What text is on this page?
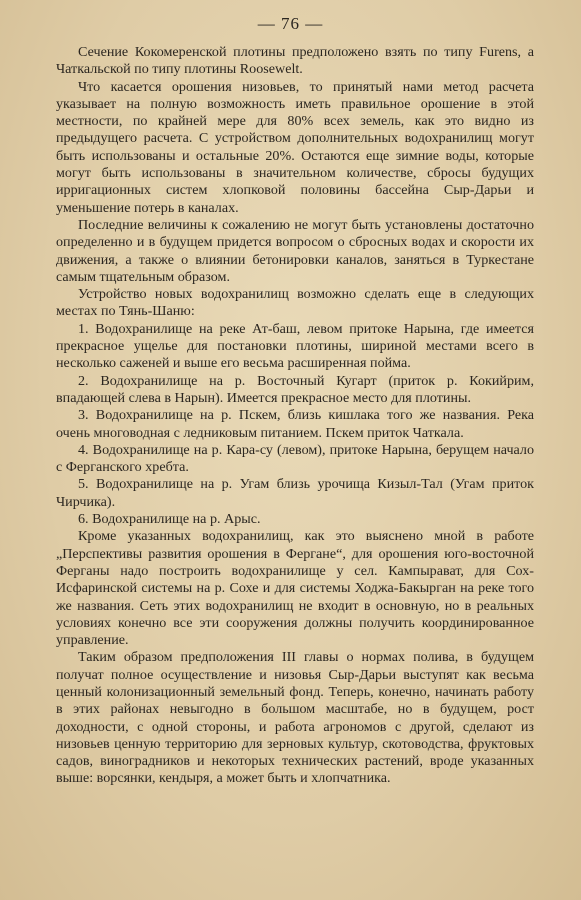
— 76 —

Сечение Кокомеренской плотины предположено взять по типу Furens, а Чаткальской по типу плотины Roosewelt.

Что касается орошения низовьев, то принятый нами метод расчета указывает на полную возможность иметь правильное орошение в этой местности, по крайней мере для 80% всех земель, как это видно из предыдущего расчета. С устройством дополнительных водохранилищ могут быть использованы и остальные 20%. Остаются еще зимние воды, которые могут быть использованы в значительном количестве, сбросы будущих ирригационных систем хлопковой половины бассейна Сыр-Дарьи и уменьшение потерь в каналах.

Последние величины к сожалению не могут быть установлены достаточно определенно и в будущем придется вопросом о сбросных водах и скорости их движения, а также о влиянии бетонировки каналов, заняться в Туркестане самым тщательным образом.

Устройство новых водохранилищ возможно сделать еще в следующих местах по Тянь-Шаню:

1. Водохранилище на реке Ат-баш, левом притоке Нарына, где имеется прекрасное ущелье для постановки плотины, шириной местами всего в несколько саженей и выше его весьма расширенная пойма.

2. Водохранилище на р. Восточный Кугарт (приток р. Кокийрим, впадающей слева в Нарын). Имеется прекрасное место для плотины.

3. Водохранилище на р. Пскем, близь кишлака того же названия. Река очень многоводная с ледниковым питанием. Пскем приток Чаткала.

4. Водохранилище на р. Кара-су (левом), притоке Нарына, берущем начало с Ферганского хребта.

5. Водохранилище на р. Угам близь урочища Кизыл-Тал (Угам приток Чирчика).

6. Водохранилище на р. Арыс.

Кроме указанных водохранилищ, как это выяснено мной в работе „Перспективы развития орошения в Фергане“, для орошения юго-восточной Ферганы надо построить водохранилище у сел. Кампырават, для Сох-Исфаринской системы на р. Сохе и для системы Ходжа-Бакырган на реке того же названия. Сеть этих водохранилищ не входит в основную, но в реальных условиях конечно все эти сооружения должны получить координированное управление.

Таким образом предположения III главы о нормах полива, в будущем получат полное осуществление и низовья Сыр-Дарьи выступят как весьма ценный колонизационный земельный фонд. Теперь, конечно, начинать работу в этих районах невыгодно в большом масштабе, но в будущем, рост доходности, с одной стороны, и работа агрономов с другой, сделают из низовьев ценную территорию для зерновых культур, скотоводства, фруктовых садов, виноградников и некоторых технических растений, вроде указанных выше: ворсянки, кендыря, а может быть и хлопчатника.
